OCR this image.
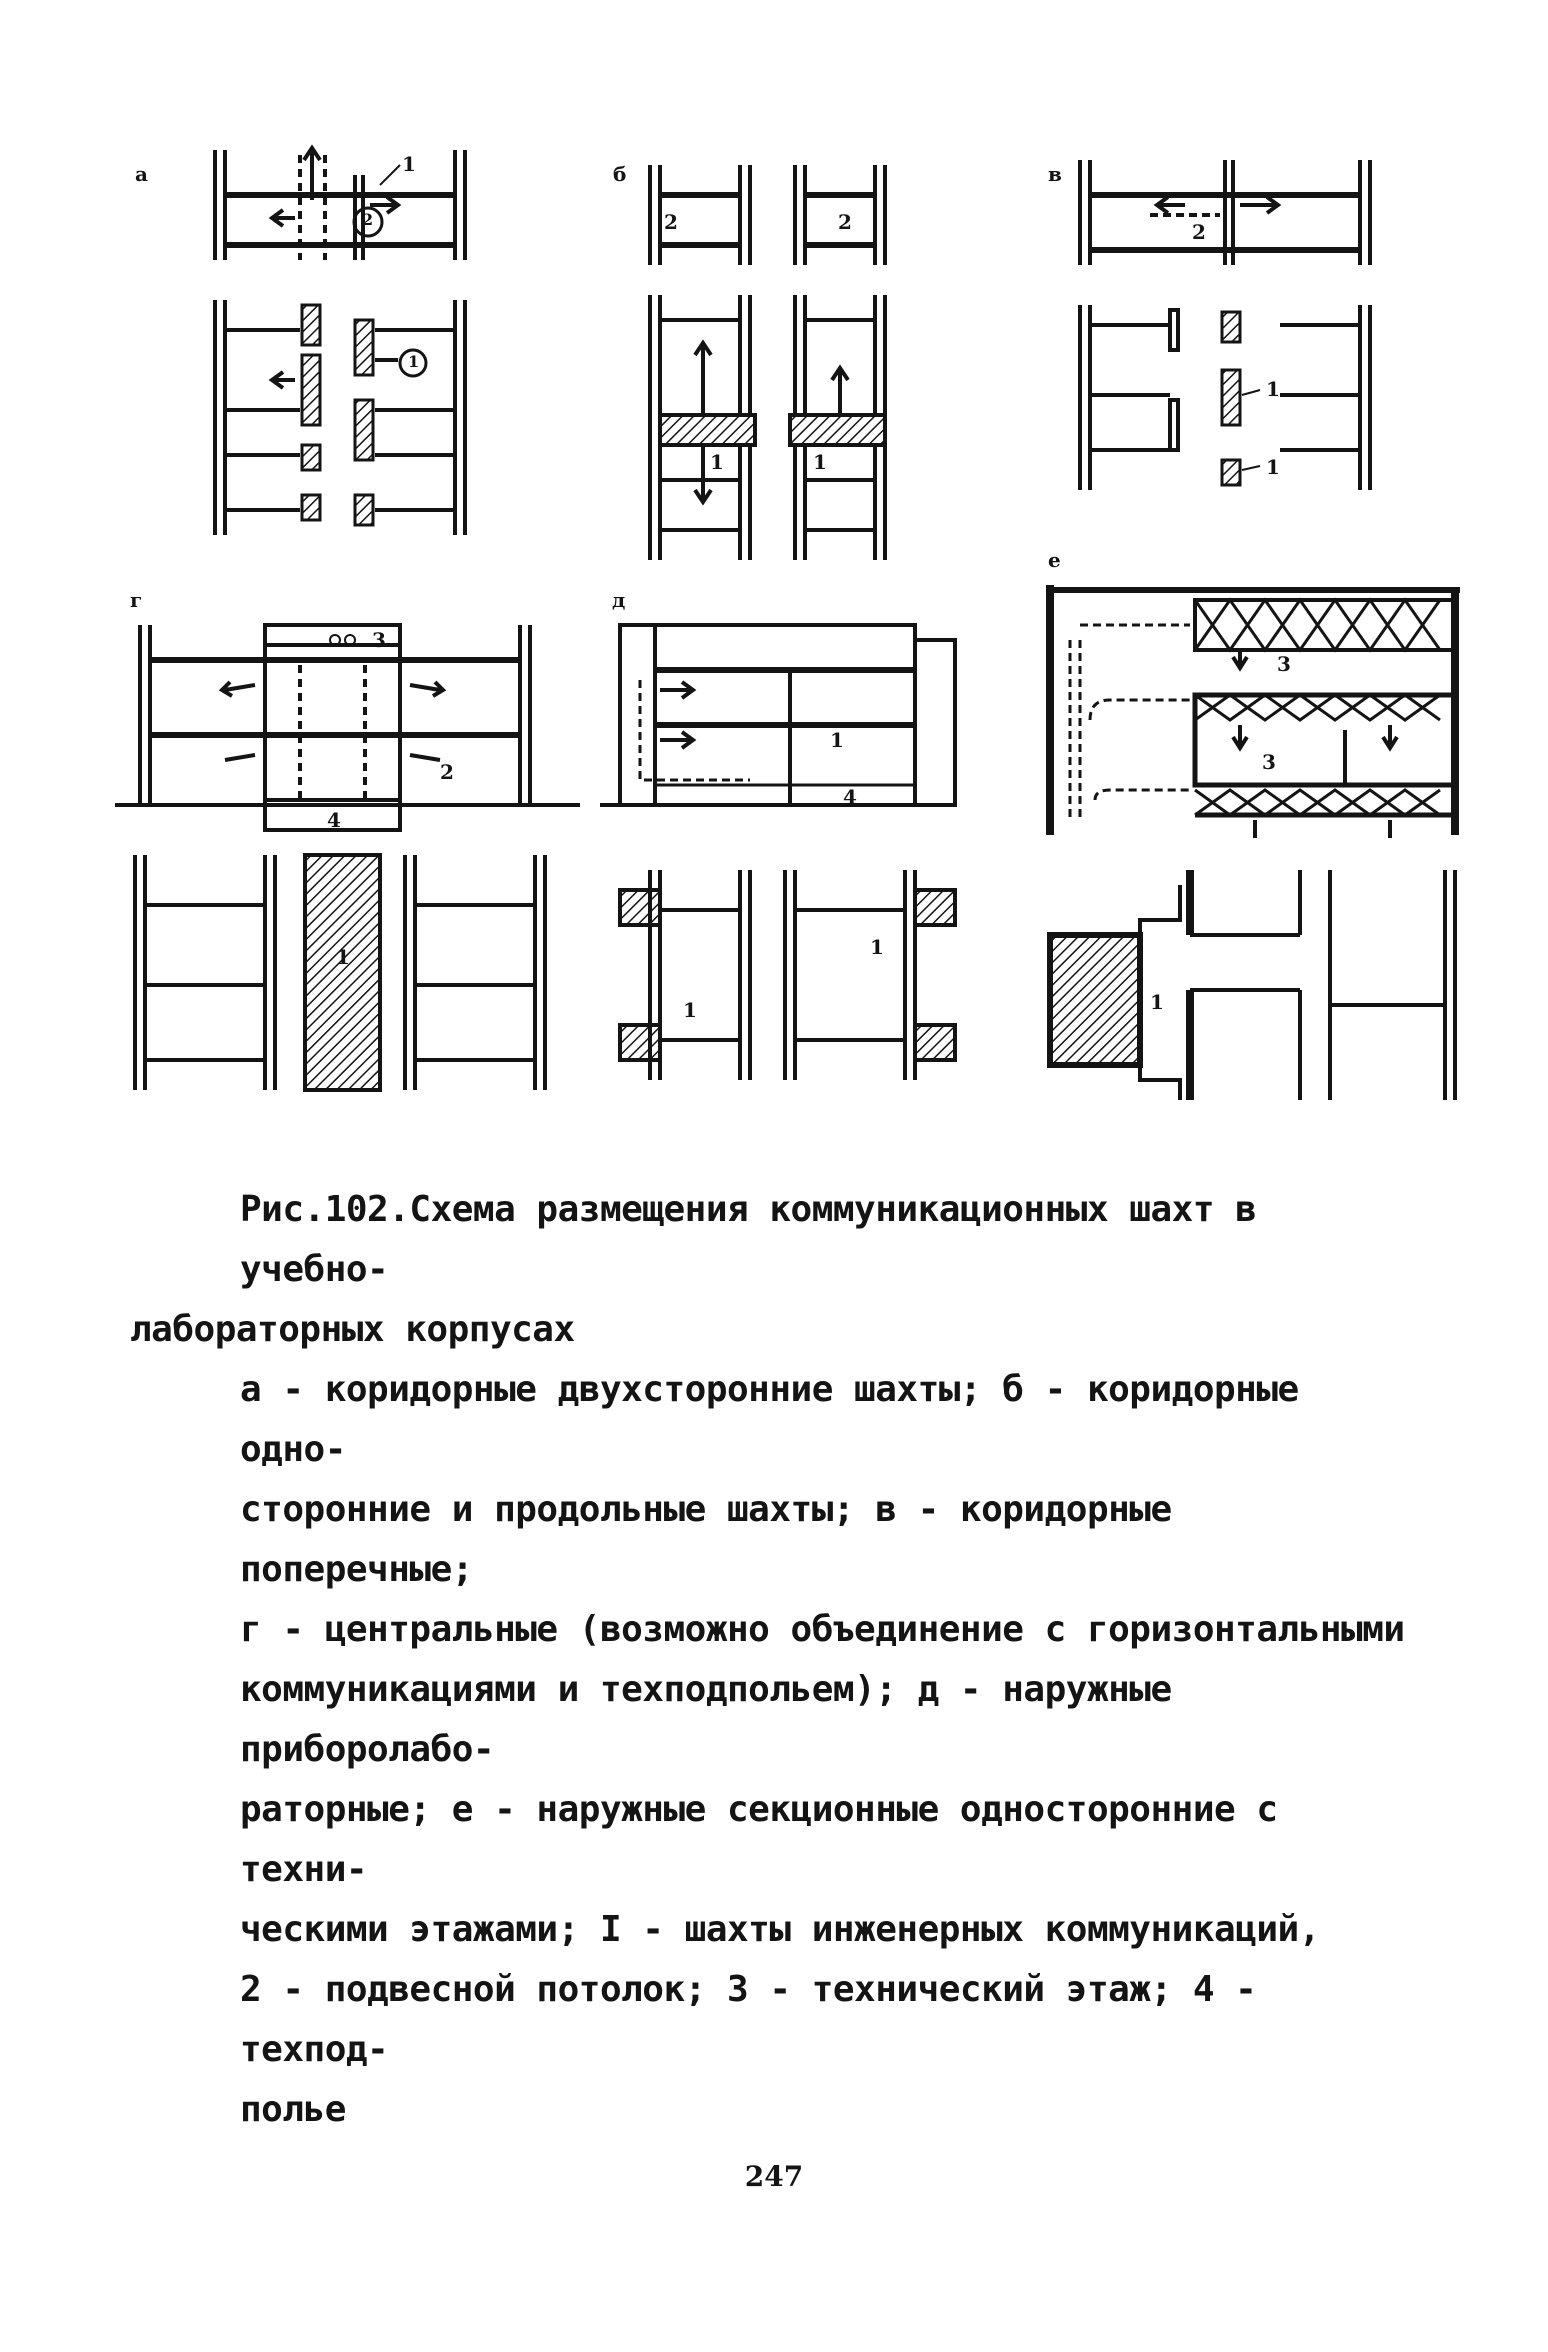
а	б	в
г	д
е
1
2
1
2	2
1	1
2
1
1
3
2
4
1
1
4
1
1
3
3
1

Рис.102.Схема размещения коммуникационных шахт в учебно-

лабораторных корпусах

а - коридорные двухсторонние шахты; б - коридорные одно-

сторонние и продольные шахты; в - коридорные поперечные;

г - центральные (возможно объединение с горизонтальными

коммуникациями и техподпольем); д - наружные приборолабо-

раторные; е - наружные секционные односторонние с техни-

ческими этажами; I - шахты инженерных коммуникаций,

2 - подвесной потолок; 3 - технический этаж; 4 - техпод-

полье

247
